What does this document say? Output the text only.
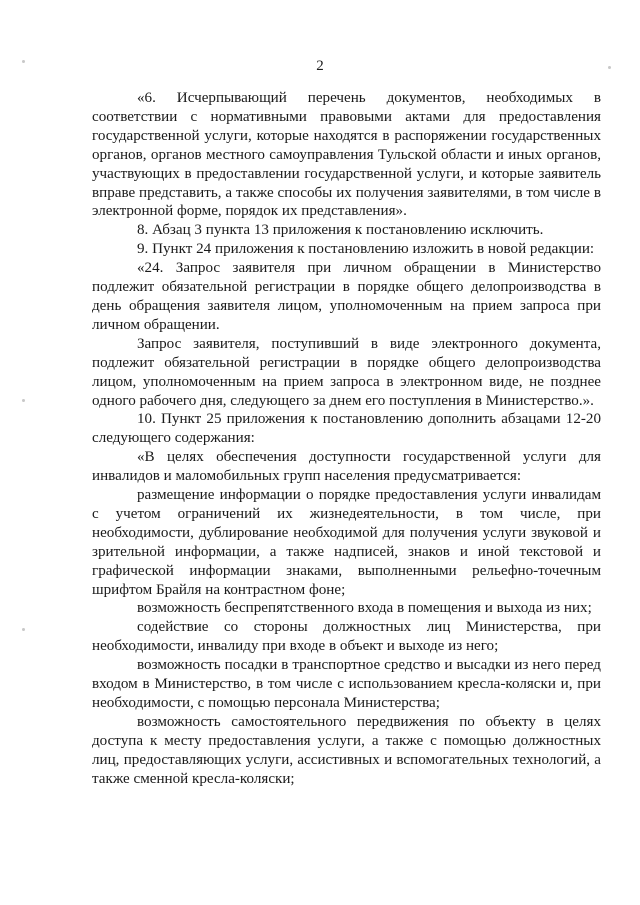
2

«6. Исчерпывающий перечень документов, необходимых в соответствии с нормативными правовыми актами для предоставления государственной услуги, которые находятся в распоряжении государственных органов, органов местного самоуправления Тульской области и иных органов, участвующих в предоставлении государственной услуги, и которые заявитель вправе представить, а также способы их получения заявителями, в том числе в электронной форме, порядок их представления».

8. Абзац 3 пункта 13 приложения к постановлению исключить.

9. Пункт 24 приложения к постановлению изложить в новой редакции:

«24. Запрос заявителя при личном обращении в Министерство подлежит обязательной регистрации в порядке общего делопроизводства в день обращения заявителя лицом, уполномоченным на прием запроса при личном обращении.

Запрос заявителя, поступивший в виде электронного документа, подлежит обязательной регистрации в порядке общего делопроизводства лицом, уполномоченным на прием запроса в электронном виде, не позднее одного рабочего дня, следующего за днем его поступления в Министерство.».

10. Пункт 25 приложения к постановлению дополнить абзацами 12-20 следующего содержания:

«В целях обеспечения доступности государственной услуги для инвалидов и маломобильных групп населения предусматривается:

размещение информации о порядке предоставления услуги инвалидам с учетом ограничений их жизнедеятельности, в том числе, при необходимости, дублирование необходимой для получения услуги звуковой и зрительной информации, а также надписей, знаков и иной текстовой и графической информации знаками, выполненными рельефно-точечным шрифтом Брайля на контрастном фоне;

возможность беспрепятственного входа в помещения и выхода из них;

содействие со стороны должностных лиц Министерства, при необходимости, инвалиду при входе в объект и выходе из него;

возможность посадки в транспортное средство и высадки из него перед входом в Министерство, в том числе с использованием кресла-коляски и, при необходимости, с помощью персонала Министерства;

возможность самостоятельного передвижения по объекту в целях доступа к месту предоставления услуги, а также с помощью должностных лиц, предоставляющих услуги, ассистивных и вспомогательных технологий, а также сменной кресла-коляски;
